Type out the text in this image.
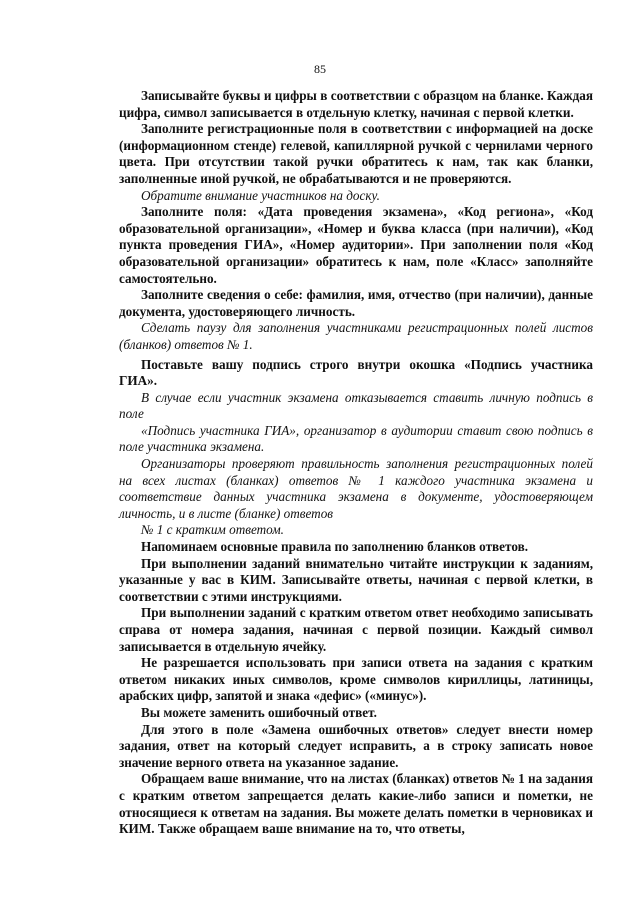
85

Записывайте буквы и цифры в соответствии с образцом на бланке. Каждая цифра, символ записывается в отдельную клетку, начиная с первой клетки.

Заполните регистрационные поля в соответствии с информацией на доске (информационном стенде) гелевой, капиллярной ручкой с чернилами черного цвета. При отсутствии такой ручки обратитесь к нам, так как бланки, заполненные иной ручкой, не обрабатываются и не проверяются.

Обратите внимание участников на доску.

Заполните поля: «Дата проведения экзамена», «Код региона», «Код образовательной организации», «Номер и буква класса (при наличии), «Код пункта проведения ГИА», «Номер аудитории». При заполнении поля «Код образовательной организации» обратитесь к нам, поле «Класс» заполняйте самостоятельно.

Заполните сведения о себе: фамилия, имя, отчество (при наличии), данные документа, удостоверяющего личность.

Сделать паузу для заполнения участниками регистрационных полей листов (бланков) ответов № 1.

Поставьте вашу подпись строго внутри окошка «Подпись участника ГИА».

В случае если участник экзамена отказывается ставить личную подпись в поле

«Подпись участника ГИА», организатор в аудитории ставит свою подпись в поле участника экзамена.

Организаторы проверяют правильность заполнения регистрационных полей на всех листах (бланках) ответов № 1 каждого участника экзамена и соответствие данных участника экзамена в документе, удостоверяющем личность, и в листе (бланке) ответов

№ 1 с кратким ответом.

Напоминаем основные правила по заполнению бланков ответов.

При выполнении заданий внимательно читайте инструкции к заданиям, указанные у вас в КИМ. Записывайте ответы, начиная с первой клетки, в соответствии с этими инструкциями.

При выполнении заданий с кратким ответом ответ необходимо записывать справа от номера задания, начиная с первой позиции. Каждый символ записывается в отдельную ячейку.

Не разрешается использовать при записи ответа на задания с кратким ответом никаких иных символов, кроме символов кириллицы, латиницы, арабских цифр, запятой и знака «дефис» («минус»).

Вы можете заменить ошибочный ответ.

Для этого в поле «Замена ошибочных ответов» следует внести номер задания, ответ на который следует исправить, а в строку записать новое значение верного ответа на указанное задание.

Обращаем ваше внимание, что на листах (бланках) ответов № 1 на задания с кратким ответом запрещается делать какие-либо записи и пометки, не относящиеся к ответам на задания. Вы можете делать пометки в черновиках и КИМ. Также обращаем ваше внимание на то, что ответы,
